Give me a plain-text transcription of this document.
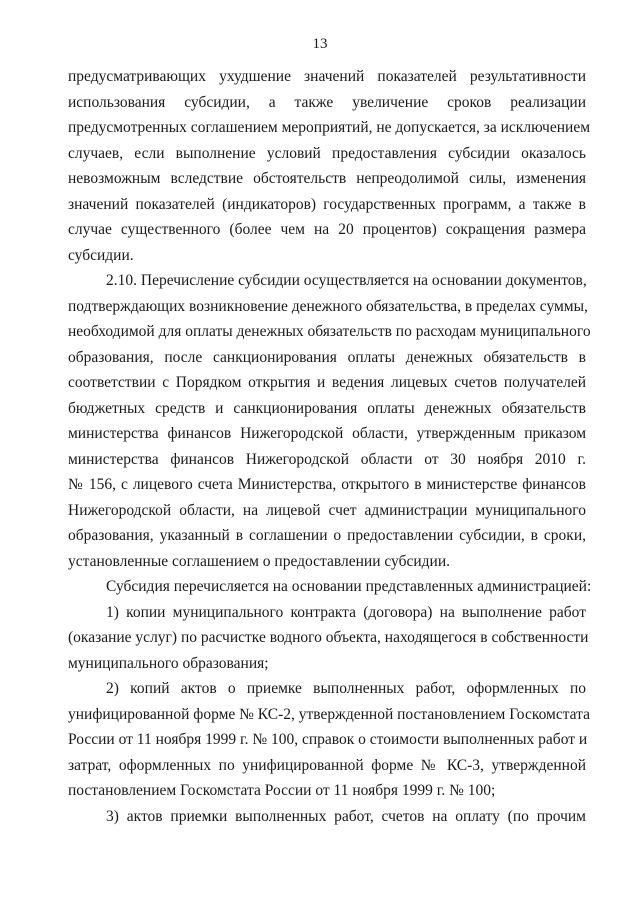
13
предусматривающих ухудшение значений показателей результативности
использования субсидии, а также увеличение сроков реализации
предусмотренных соглашением мероприятий, не допускается, за исключением
случаев, если выполнение условий предоставления субсидии оказалось
невозможным вследствие обстоятельств непреодолимой силы, изменения
значений показателей (индикаторов) государственных программ, а также в
случае существенного (более чем на 20 процентов) сокращения размера
субсидии.
2.10. Перечисление субсидии осуществляется на основании документов,
подтверждающих возникновение денежного обязательства, в пределах суммы,
необходимой для оплаты денежных обязательств по расходам муниципального
образования, после санкционирования оплаты денежных обязательств в
соответствии с Порядком открытия и ведения лицевых счетов получателей
бюджетных средств и санкционирования оплаты денежных обязательств
министерства финансов Нижегородской области, утвержденным приказом
министерства финансов Нижегородской области от 30 ноября 2010 г.
№ 156, с лицевого счета Министерства, открытого в министерстве финансов
Нижегородской области, на лицевой счет администрации муниципального
образования, указанный в соглашении о предоставлении субсидии, в сроки,
установленные соглашением о предоставлении субсидии.
Субсидия перечисляется на основании представленных администрацией:
1) копии муниципального контракта (договора) на выполнение работ
(оказание услуг) по расчистке водного объекта, находящегося в собственности
муниципального образования;
2) копий актов о приемке выполненных работ, оформленных по
унифицированной форме № КС-2, утвержденной постановлением Госкомстата
России от 11 ноября 1999 г. № 100, справок о стоимости выполненных работ и
затрат, оформленных по унифицированной форме № КС-3, утвержденной
постановлением Госкомстата России от 11 ноября 1999 г. № 100;
3) актов приемки выполненных работ, счетов на оплату (по прочим
